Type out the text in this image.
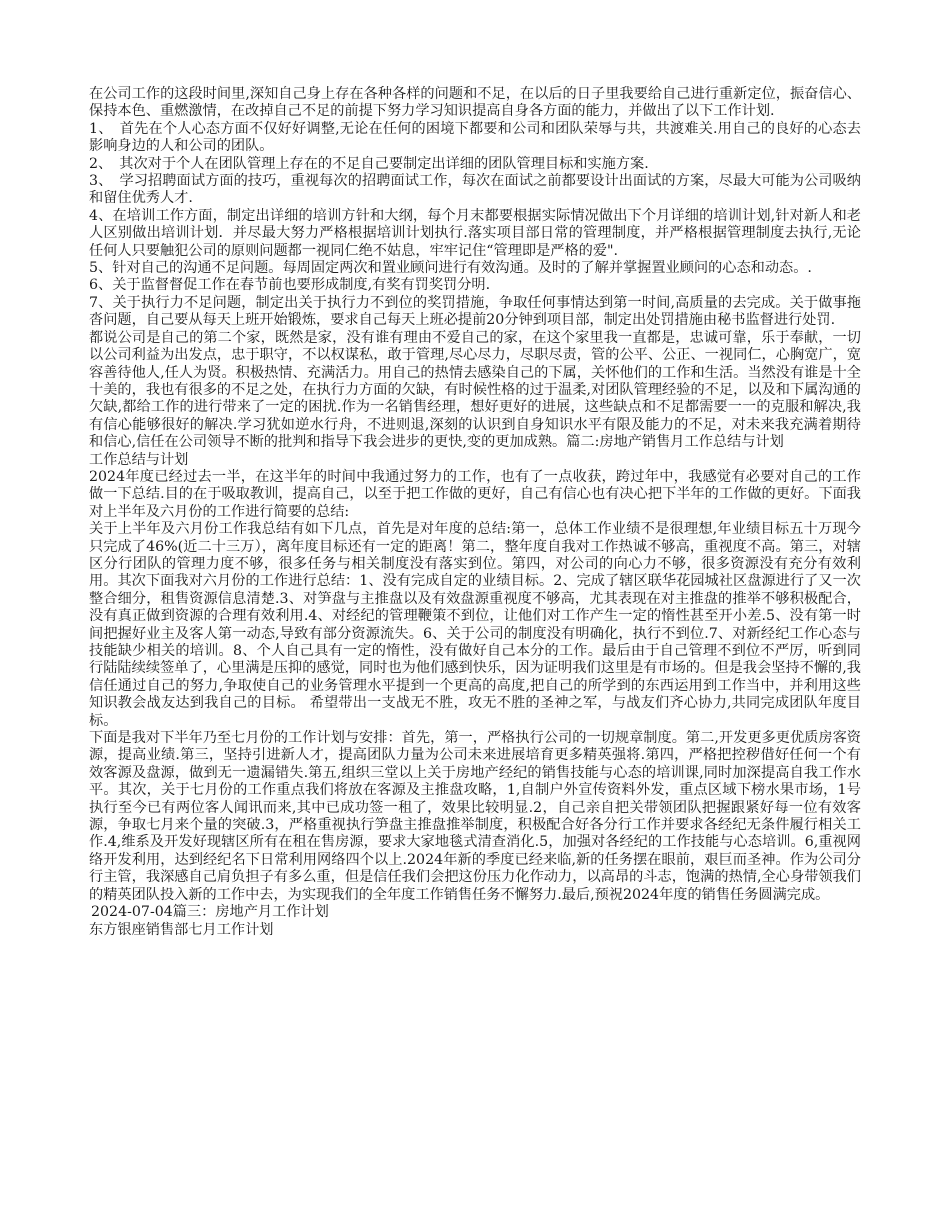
在公司工作的这段时间里,深知自己身上存在各种各样的问题和不足，在以后的日子里我要给自己进行重新定位，振奋信心、保持本色、重燃激情，在改掉自己不足的前提下努力学习知识提高自身各方面的能力，并做出了以下工作计划.

1、　首先在个人心态方面不仅好好调整,无论在任何的困境下都要和公司和团队荣辱与共，共渡难关.用自己的良好的心态去影响身边的人和公司的团队。

2、　其次对于个人在团队管理上存在的不足自己要制定出详细的团队管理目标和实施方案.

3、　学习招聘面试方面的技巧，重视每次的招聘面试工作，每次在面试之前都要设计出面试的方案，尽最大可能为公司吸纳和留住优秀人才.

4、在培训工作方面，制定出详细的培训方针和大纲，每个月末都要根据实际情况做出下个月详细的培训计划,针对新人和老人区别做出培训计划．并尽最大努力严格根据培训计划执行.落实项目部日常的管理制度，并严格根据管理制度去执行,无论任何人只要触犯公司的原则问题都一视同仁绝不姑息，牢牢记住“管理即是严格的爱".

5、针对自己的沟通不足问题。每周固定两次和置业顾问进行有效沟通。及时的了解并掌握置业顾问的心态和动态。.

6、关于监督督促工作在春节前也要形成制度,有奖有罚奖罚分明.

7、关于执行力不足问题，制定出关于执行力不到位的奖罚措施，争取任何事情达到第一时间,高质量的去完成。关于做事拖沓问题，自己要从每天上班开始锻炼，要求自己每天上班必提前20分钟到项目部，制定出处罚措施由秘书监督进行处罚.

都说公司是自己的第二个家，既然是家，没有谁有理由不爱自己的家，在这个家里我一直都是，忠诚可靠，乐于奉献，一切以公司利益为出发点，忠于职守，不以权谋私，敢于管理,尽心尽力，尽职尽责，管的公平、公正、一视同仁，心胸宽广，宽容善待他人,任人为贤。积极热情、充满活力。用自己的热情去感染自己的下属，关怀他们的工作和生活。当然没有谁是十全十美的，我也有很多的不足之处，在执行力方面的欠缺，有时候性格的过于温柔,对团队管理经验的不足，以及和下属沟通的欠缺,都给工作的进行带来了一定的困扰.作为一名销售经理，想好更好的进展，这些缺点和不足都需要一一的克服和解决,我有信心能够很好的解决.学习犹如逆水行舟，不进则退,深刻的认识到自身知识水平有限及能力的不足，对未来我充满着期待和信心,信任在公司领导不断的批判和指导下我会进步的更快,变的更加成熟。篇二:房地产销售月工作总结与计划

工作总结与计划

2024年度已经过去一半，在这半年的时间中我通过努力的工作，也有了一点收获，跨过年中，我感觉有必要对自己的工作做一下总结.目的在于吸取教训，提高自己，以至于把工作做的更好，自己有信心也有决心把下半年的工作做的更好。下面我对上半年及六月份的工作进行简要的总结:

关于上半年及六月份工作我总结有如下几点，首先是对年度的总结:第一，总体工作业绩不是很理想,年业绩目标五十万现今只完成了46%(近二十三万），离年度目标还有一定的距离！第二，整年度自我对工作热诚不够高，重视度不高。第三，对辖区分行团队的管理力度不够，很多任务与相关制度没有落实到位。第四，对公司的向心力不够，很多资源没有充分有效利用。其次下面我对六月份的工作进行总结：1、没有完成自定的业绩目标。2、完成了辖区联华花园城社区盘源进行了又一次整合细分，租售资源信息清楚.3、对笋盘与主推盘以及有效盘源重视度不够高，尤其表现在对主推盘的推举不够积极配合，没有真正做到资源的合理有效利用.4、对经纪的管理鞭策不到位，让他们对工作产生一定的惰性甚至开小差.5、没有第一时间把握好业主及客人第一动态,导致有部分资源流失。6、关于公司的制度没有明确化，执行不到位.7、对新经纪工作心态与技能缺少相关的培训。8、个人自己具有一定的惰性，没有做好自己本分的工作。最后由于自己管理不到位不严厉，听到同行陆陆续续签单了，心里满是压抑的感觉，同时也为他们感到快乐，因为证明我们这里是有市场的。但是我会坚持不懈的,我信任通过自己的努力,争取使自己的业务管理水平提到一个更高的高度,把自己的所学到的东西运用到工作当中，并利用这些知识教会战友达到我自己的目标。 希望带出一支战无不胜，攻无不胜的圣神之军，与战友们齐心协力,共同完成团队年度目标。

下面是我对下半年乃至七月份的工作计划与安排：首先，第一，严格执行公司的一切规章制度。第二,开发更多更优质房客资源，提高业绩.第三，坚持引进新人才，提高团队力量为公司未来进展培育更多精英强将.第四，严格把控秽借好任何一个有效客源及盘源，做到无一遗漏错失.第五,组织三堂以上关于房地产经纪的销售技能与心态的培训课,同时加深提高自我工作水平。其次，关于七月份的工作重点我们将放在客源及主推盘攻略，1,自制户外宣传资料外发，重点区域下榜水果市场，1号执行至今已有两位客人闻讯而来,其中已成功签一租了，效果比较明显.2，自己亲自把关带领团队把握跟紧好每一位有效客源，争取七月来个量的突破.3，严格重视执行笋盘主推盘推举制度，积极配合好各分行工作并要求各经纪无条件履行相关工作.4,维系及开发好现辖区所有在租在售房源，要求大家地毯式清查消化.5，加强对各经纪的工作技能与心态培训。6,重视网络开发利用，达到经纪名下日常利用网络四个以上.2024年新的季度已经来临,新的任务摆在眼前，艰巨而圣神。作为公司分行主管，我深感自己肩负担子有多么重，但是信任我们会把这份压力化作动力，以高昂的斗志，饱满的热情,全心身带领我们的精英团队投入新的工作中去，为实现我们的全年度工作销售任务不懈努力.最后,预祝2024年度的销售任务圆满完成。

2024-07-04篇三：房地产月工作计划

东方银座销售部七月工作计划
